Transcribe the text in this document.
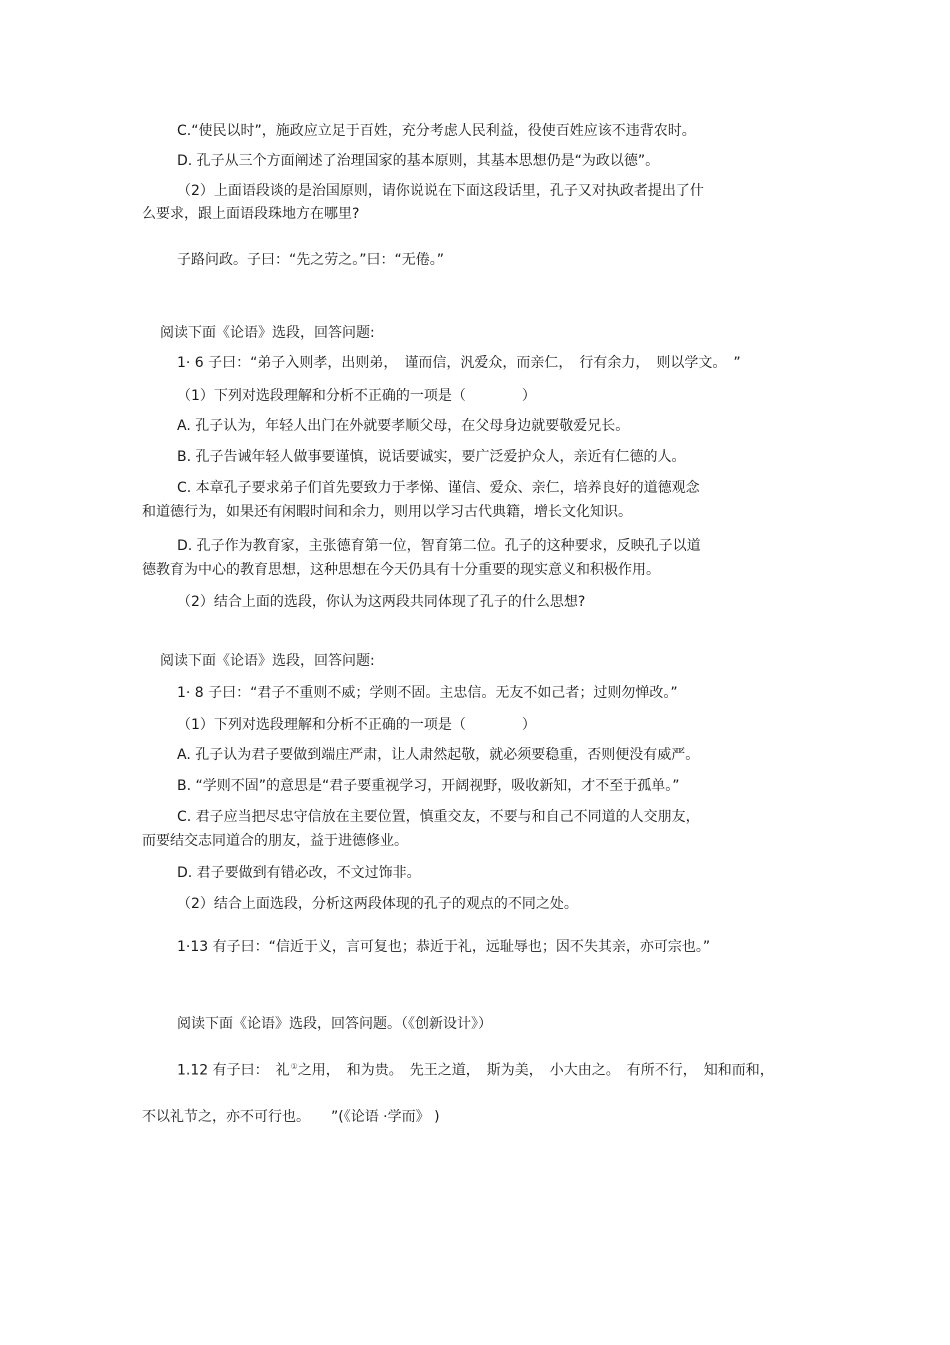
C.“使民以时”，施政应立足于百姓，充分考虑人民利益，役使百姓应该不违背农时。
D. 孔子从三个方面阐述了治理国家的基本原则，其基本思想仍是“为政以德”。
（2）上面语段谈的是治国原则，请你说说在下面这段话里，孔子又对执政者提出了什
么要求，跟上面语段珠地方在哪里?
子路问政。子曰：“先之劳之。”曰：“无倦。”
阅读下面《论语》选段，回答问题:
1· 6 子曰：“弟子入则孝，出则弟，　谨而信，汎爱众，而亲仁，　行有余力，　则以学文。　”
（1）下列对选段理解和分析不正确的一项是（　　　　）
A. 孔子认为，年轻人出门在外就要孝顺父母，在父母身边就要敬爱兄长。
B. 孔子告诫年轻人做事要谨慎，说话要诚实，要广泛爱护众人，亲近有仁德的人。
C. 本章孔子要求弟子们首先要致力于孝悌、谨信、爱众、亲仁，培养良好的道德观念
和道德行为，如果还有闲暇时间和余力，则用以学习古代典籍，增长文化知识。
D. 孔子作为教育家，主张德育第一位，智育第二位。孔子的这种要求，反映孔子以道
德教育为中心的教育思想，这种思想在今天仍具有十分重要的现实意义和积极作用。
（2）结合上面的选段，你认为这两段共同体现了孔子的什么思想?
阅读下面《论语》选段，回答问题:
1· 8 子曰：“君子不重则不威；学则不固。主忠信。无友不如己者；过则勿惮改。”
（1）下列对选段理解和分析不正确的一项是（　　　　）
A. 孔子认为君子要做到端庄严肃，让人肃然起敬，就必须要稳重，否则便没有威严。
B. “学则不固”的意思是“君子要重视学习，开阔视野，吸收新知，才不至于孤单。”
C. 君子应当把尽忠守信放在主要位置，慎重交友，不要与和自己不同道的人交朋友，
而要结交志同道合的朋友，益于进德修业。
D. 君子要做到有错必改，不文过饰非。
（2）结合上面选段，分析这两段体现的孔子的观点的不同之处。
1·13 有子曰：“信近于义，言可复也；恭近于礼，远耻辱也；因不失其亲，亦可宗也。”
阅读下面《论语》选段，回答问题。（《创新设计》）
1.12 有子曰：　礼①之用，　和为贵。　先王之道，　斯为美，　小大由之。　有所不行，　知和而和，
不以礼节之，亦不可行也。　　”(《论语 ·学而》 )
